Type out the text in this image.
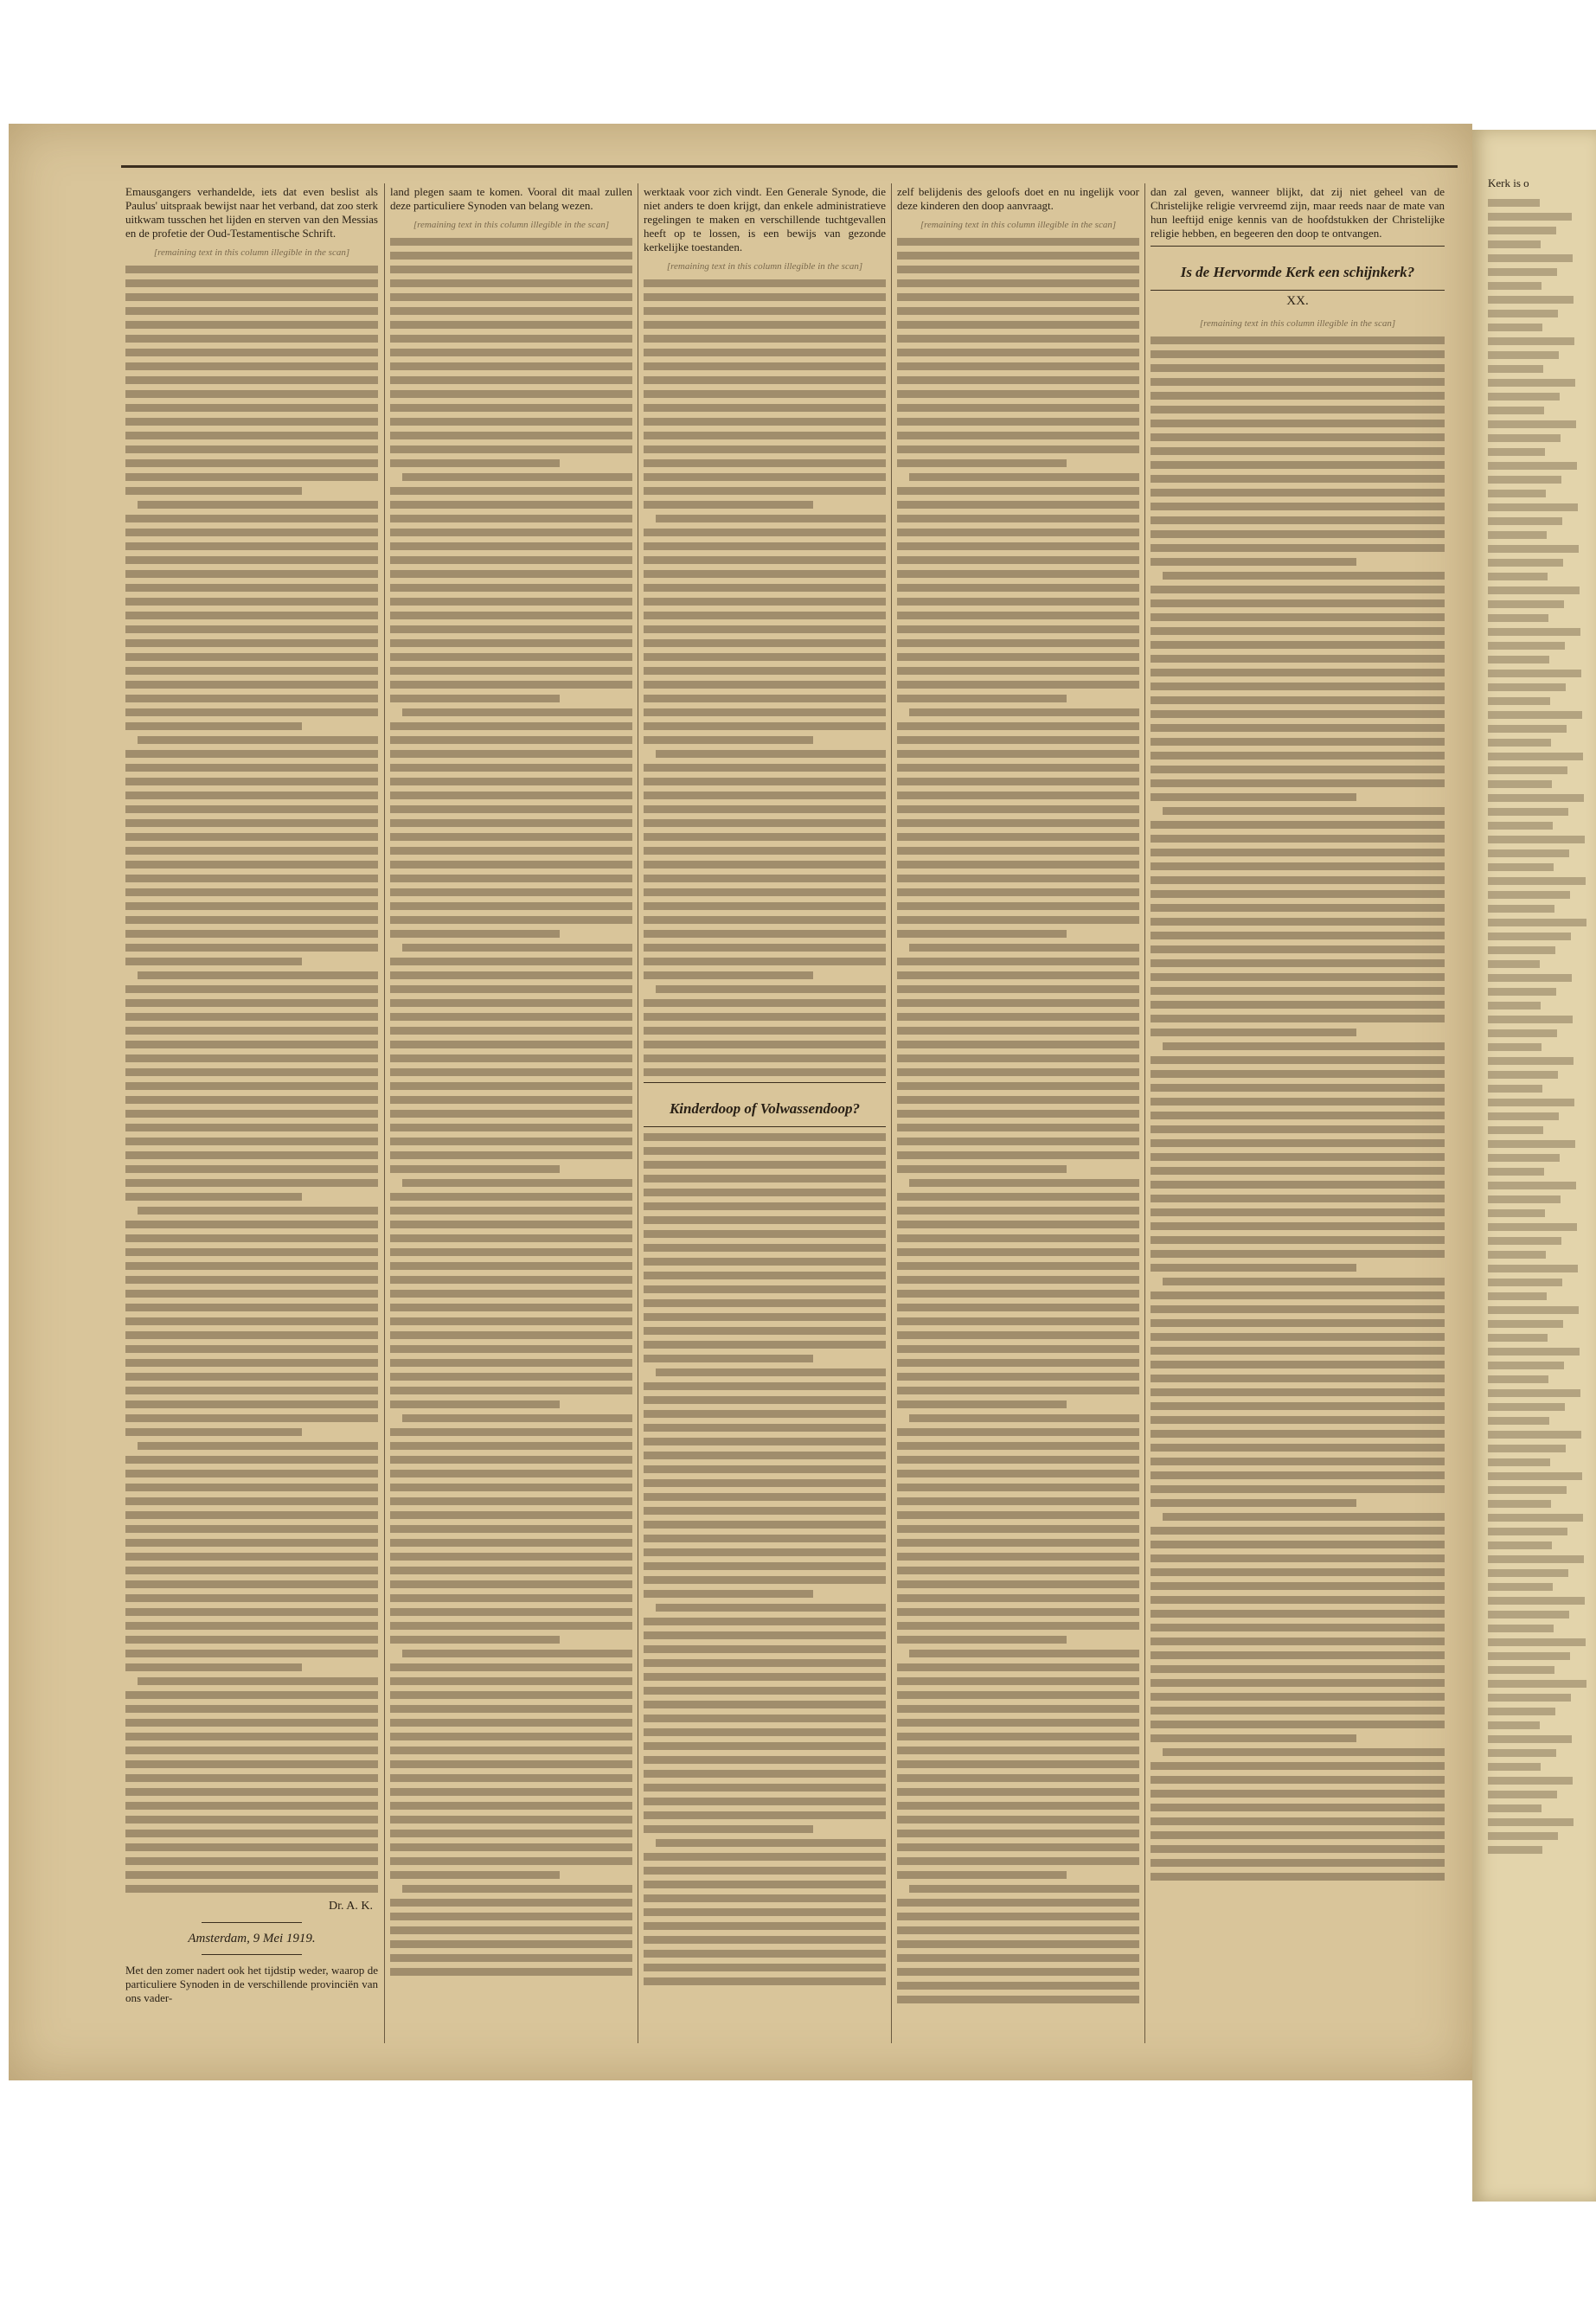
Kerk is o
Emausgangers verhandelde, iets dat even beslist als Paulus' uitspraak bewijst naar het verband, dat zoo sterk uitkwam tusschen het lijden en sterven van den Messias en de profetie der Oud-Testamentische Schrift.
[remaining text in this column illegible in the scan]
Dr. A. K.
Amsterdam, 9 Mei 1919.
Met den zomer nadert ook het tijdstip weder, waarop de particuliere Synoden in de verschillende provinciën van ons vader-
land plegen saam te komen. Vooral dit maal zullen deze particuliere Synoden van belang wezen.
[remaining text in this column illegible in the scan]
werktaak voor zich vindt. Een Generale Synode, die niet anders te doen krijgt, dan enkele administratieve regelingen te maken en verschillende tuchtgevallen heeft op te lossen, is een bewijs van gezonde kerkelijke toestanden.
[remaining text in this column illegible in the scan]
Kinderdoop of Volwassendoop?
zelf belijdenis des geloofs doet en nu ingelijk voor deze kinderen den doop aanvraagt.
[remaining text in this column illegible in the scan]
dan zal geven, wanneer blijkt, dat zij niet geheel van de Christelijke religie vervreemd zijn, maar reeds naar de mate van hun leeftijd enige kennis van de hoofdstukken der Christelijke religie hebben, en begeeren den doop te ontvangen.
Is de Hervormde Kerk een schijnkerk?
XX.
[remaining text in this column illegible in the scan]
